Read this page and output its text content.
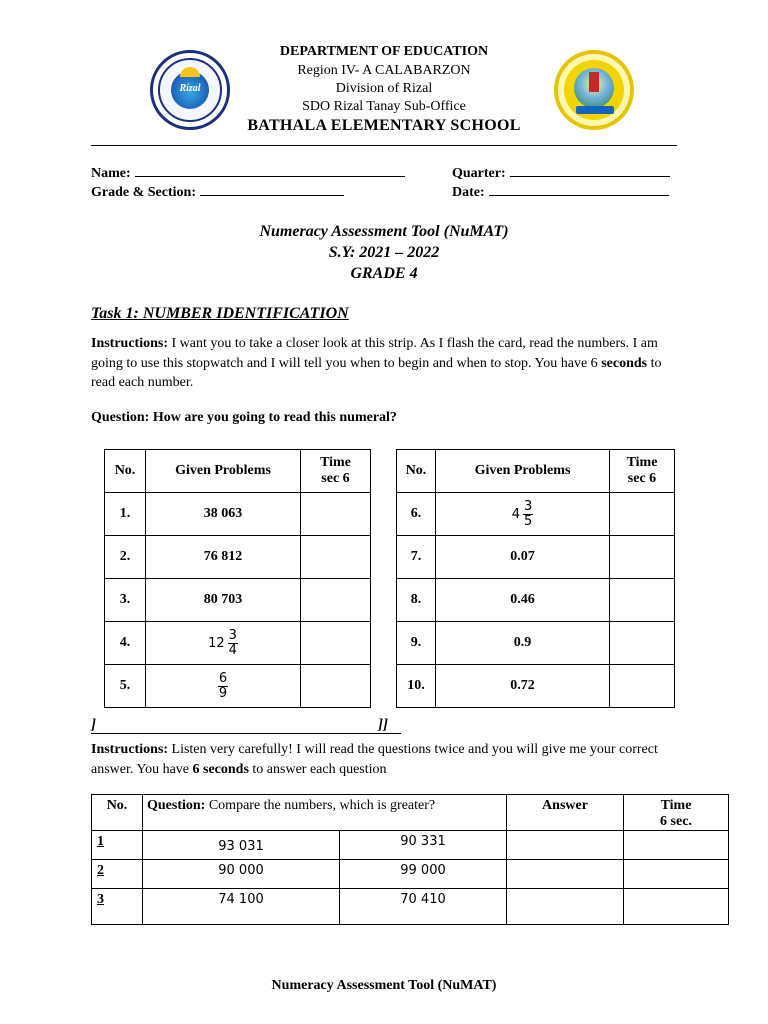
Rizal
DEPARTMENT OF EDUCATION
Region IV- A CALABARZON
Division of Rizal
SDO Rizal Tanay Sub-Office
BATHALA ELEMENTARY SCHOOL
Name:	Quarter:
Grade & Section:	Date:
Numeracy Assessment Tool (NuMAT)
S.Y: 2021 – 2022
GRADE 4
Task 1: NUMBER IDENTIFICATION
Instructions: I want you to take a closer look at this strip. As I flash the card, read the numbers. I am going to use this stopwatch and I will tell you when to begin and when to stop. You have 6 seconds to read each number.
Question: How are you going to read this numeral?
No.	Given Problems	Time
sec 6

1.	38 063	
2.	76 812	
3.	80 703	
4.	$12 \frac{3}{4}$

5.	$\frac{6}{9}$

No.	Given Problems	Time
sec 6

6.	$4 \frac{3}{5}$

7.	0.07	
8.	0.46	
9.	0.9	
10.	0.72	
]	]]
Instructions: Listen very carefully! I will read the questions twice and you will give me your correct answer. You have 6 seconds to answer each question
No.	Question: Compare the numbers, which is greater?		Answer	Time
6 sec.

1	93 031	90 331		
2	90 000	99 000		
3	74 100	70 410		
Numeracy Assessment Tool (NuMAT)
